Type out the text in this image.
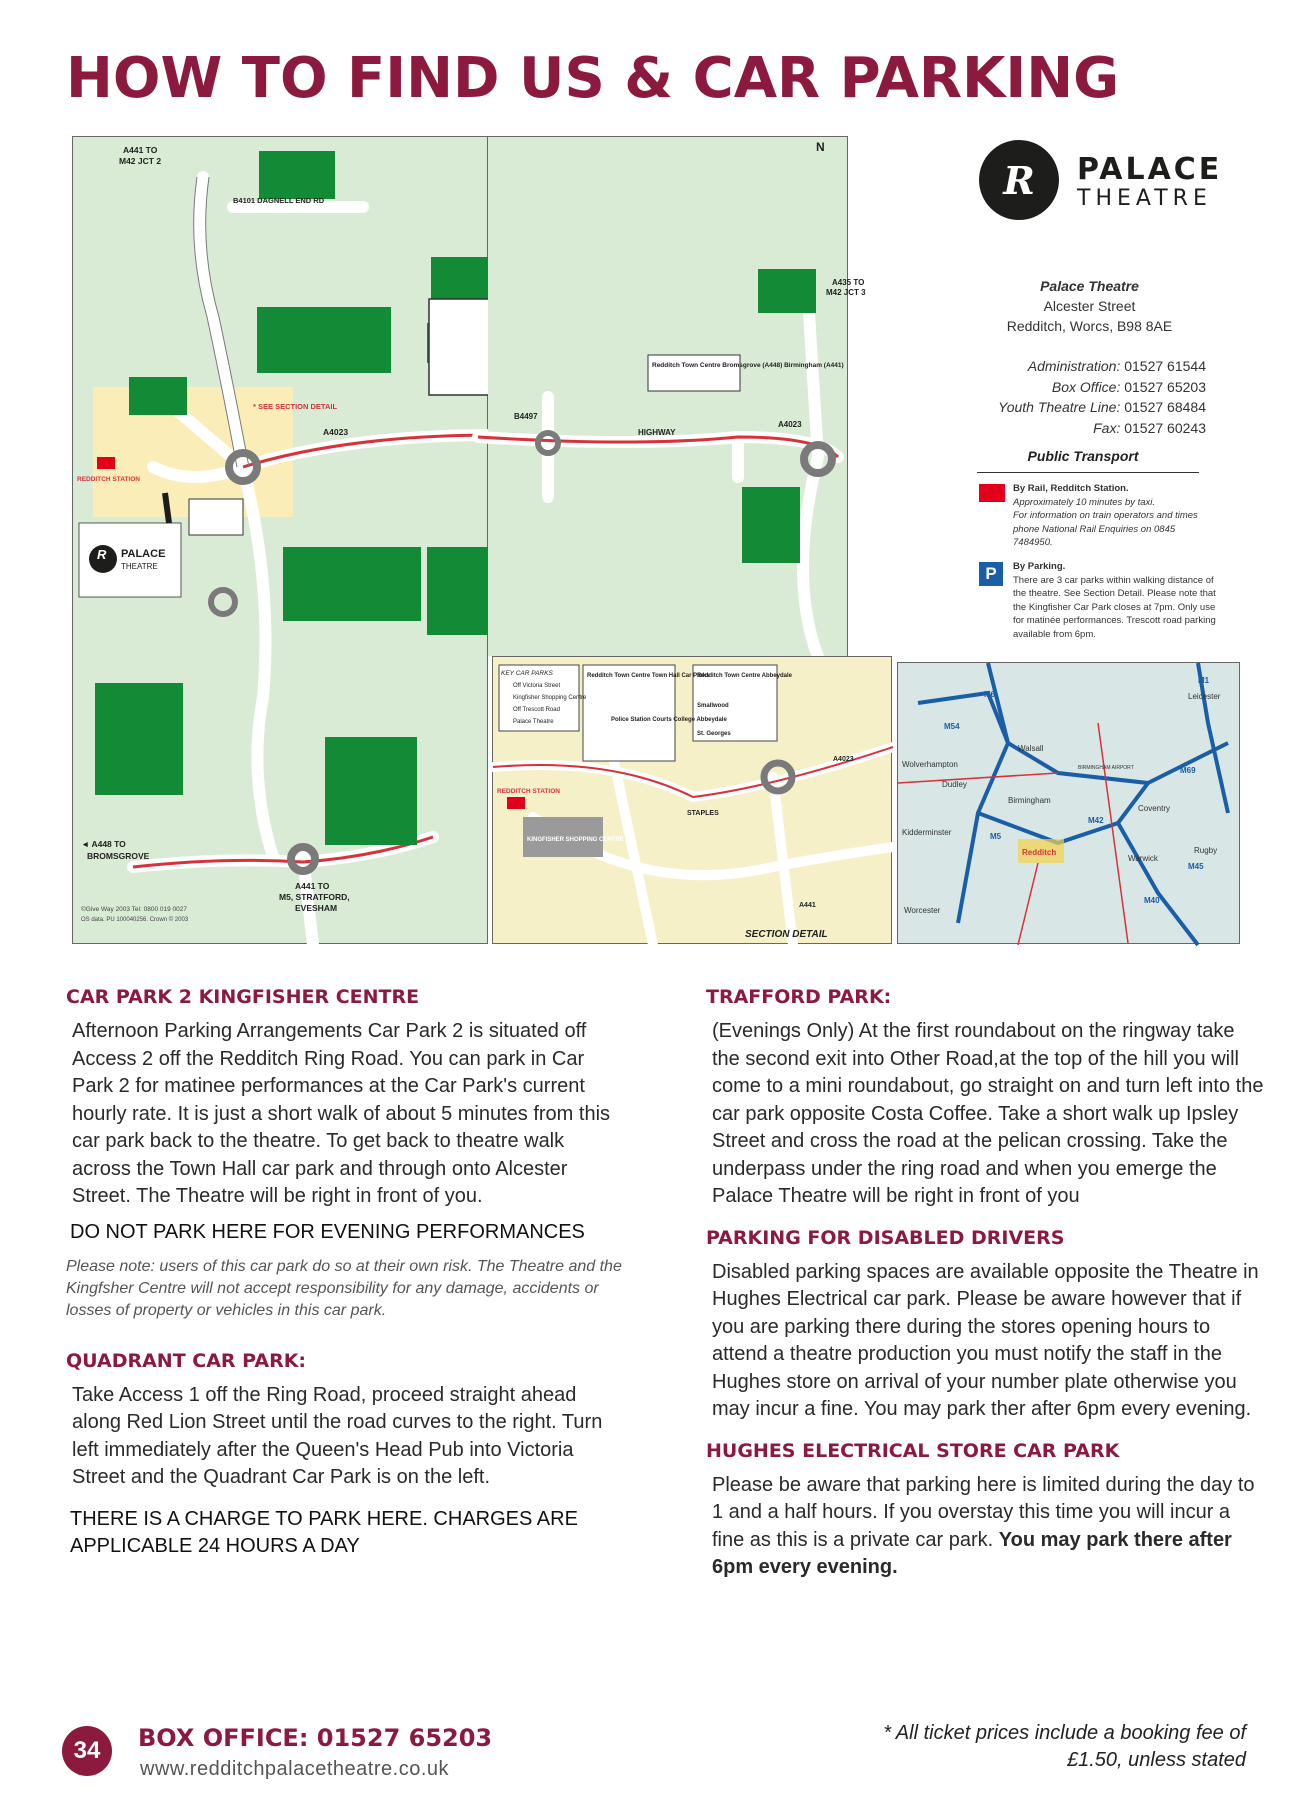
HOW TO FIND US & CAR PARKING
A441 TO
M42 JCT 2
B4101 DAGNELL END RD
A4023
* SEE SECTION DETAIL
REDDITCH STATION
R PALACE
THEATRE
◄ A448 TO
BROMSGROVE
A441 TO
M5, STRATFORD,
EVESHAM
©Give Way 2003 Tel: 0800 019 0027
OS data. PU 100040256. Crown © 2003
B4497
HIGHWAY
A4023
A435 TO
M42 JCT 3
Redditch Town Centre Bromsgrove (A448) Birmingham (A441)
N
R	PALACE
THEATRE
Palace Theatre
Alcester Street
Redditch, Worcs, B98 8AE
Administration: 01527 61544
Box Office: 01527 65203
Youth Theatre Line: 01527 68484
Fax: 01527 60243
Public Transport
By Rail, Redditch Station.
Approximately 10 minutes by taxi.
For information on train operators and times phone National Rail Enquiries on 0845 7484950.
P	By Parking.
There are 3 car parks within walking distance of the theatre. See Section Detail. Please note that the Kingfisher Car Park closes at 7pm. Only use for matinée performances. Trescott road parking available from 6pm.
KEY CAR PARKS
Off Victoria Street
Kingfisher Shopping Centre
Off Trescott Road
Palace Theatre
Redditch Town Centre Town Hall Car Parks
Police Station Courts College Abbeydale
Redditch Town Centre Abbeydale
Smallwood
St. Georges
KINGFISHER SHOPPING CENTRE
REDDITCH STATION
STAPLES
A4023
A441
SECTION DETAIL
Wolverhampton
Dudley
Birmingham
Walsall
Kidderminster
Redditch
Worcester
Coventry
Warwick
Rugby
Leicester
BIRMINGHAM AIRPORT
M6
M5
M42
M40
M1
M69
M45
M54
CAR PARK 2 KINGFISHER CENTRE
Afternoon Parking Arrangements Car Park 2 is situated off Access 2 off the Redditch Ring Road. You can park in Car Park 2 for matinee performances at the Car Park's current hourly rate. It is just a short walk of about 5 minutes from this car park back to the theatre. To get back to theatre walk across the Town Hall car park and through onto Alcester Street. The Theatre will be right in front of you.
DO NOT PARK HERE FOR EVENING PERFORMANCES
Please note: users of this car park do so at their own risk. The Theatre and the Kingfsher Centre will not accept responsibility for any damage, accidents or losses of property or vehicles in this car park.
QUADRANT CAR PARK:
Take Access 1 off the Ring Road, proceed straight ahead along Red Lion Street until the road curves to the right. Turn left immediately after the Queen's Head Pub into Victoria Street and the Quadrant Car Park is on the left.
THERE IS A CHARGE TO PARK HERE. CHARGES ARE APPLICABLE 24 HOURS A DAY
TRAFFORD PARK:
(Evenings Only) At the first roundabout on the ringway take the second exit into Other Road,at the top of the hill you will come to a mini roundabout, go straight on and turn left into the car park opposite Costa Coffee. Take a short walk up Ipsley Street and cross the road at the pelican crossing. Take the underpass under the ring road and when you emerge the Palace Theatre will be right in front of you
PARKING FOR DISABLED DRIVERS
Disabled parking spaces are available opposite the Theatre in Hughes Electrical car park. Please be aware however that if you are parking there during the stores opening hours to attend a theatre production you must notify the staff in the Hughes store on arrival of your number plate otherwise you may incur a fine. You may park ther after 6pm every evening.
HUGHES ELECTRICAL STORE CAR PARK
Please be aware that parking here is limited during the day to 1 and a half hours. If you overstay this time you will incur a fine as this is a private car park. You may park there after 6pm every evening.
34	BOX OFFICE: 01527 65203
www.redditchpalacetheatre.co.uk
* All ticket prices include a booking fee of £1.50, unless stated
